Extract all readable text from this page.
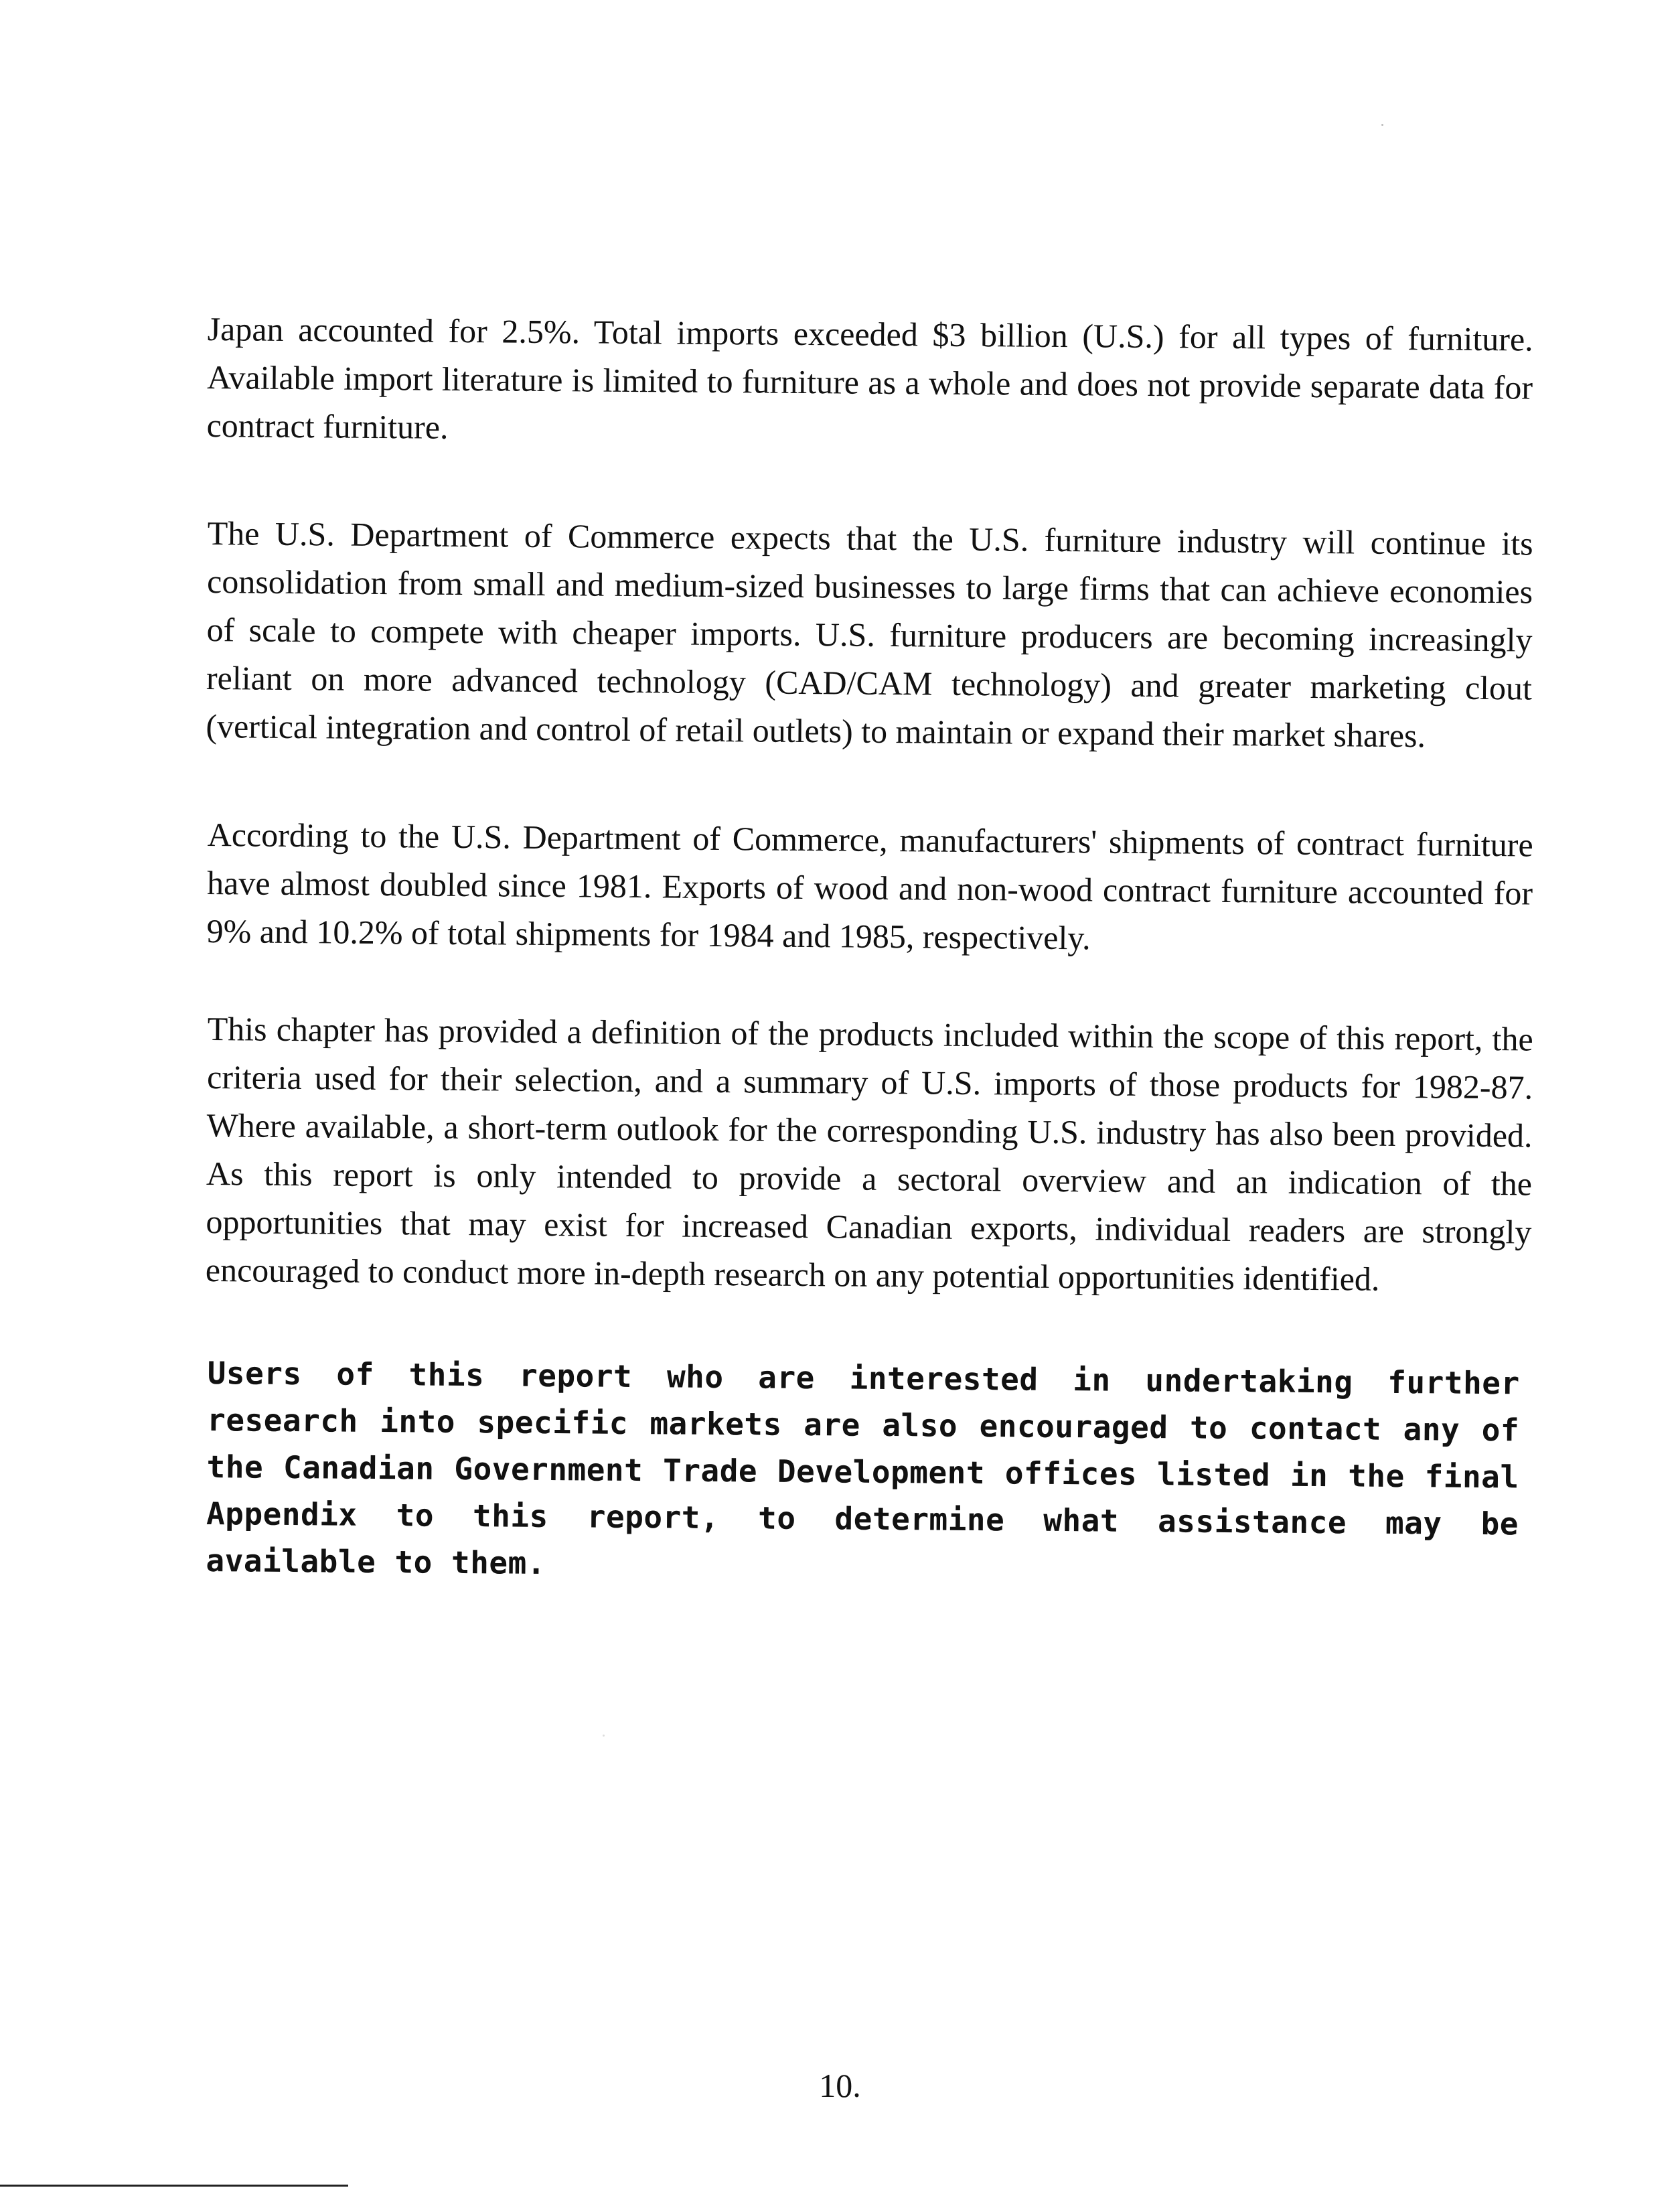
Japan accounted for 2.5%. Total imports exceeded $3 billion (U.S.) for all types of furniture. Available import literature is limited to furniture as a whole and does not provide separate data for contract furniture.

The U.S. Department of Commerce expects that the U.S. furniture industry will continue its consolidation from small and medium-sized businesses to large firms that can achieve economies of scale to compete with cheaper imports. U.S. furniture producers are becoming increasingly reliant on more advanced technology (CAD/CAM technology) and greater marketing clout (vertical integration and control of retail outlets) to maintain or expand their market shares.

According to the U.S. Department of Commerce, manufacturers' shipments of contract furniture have almost doubled since 1981. Exports of wood and non-wood contract furniture accounted for 9% and 10.2% of total shipments for 1984 and 1985, respectively.

This chapter has provided a definition of the products included within the scope of this report, the criteria used for their selection, and a summary of U.S. imports of those products for 1982-87. Where available, a short-term outlook for the corresponding U.S. industry has also been provided. As this report is only intended to provide a sectoral overview and an indication of the opportunities that may exist for increased Canadian exports, individual readers are strongly encouraged to conduct more in-depth research on any potential opportunities identified.

Users of this report who are interested in undertaking further research into specific markets are also encouraged to contact any of the Canadian Government Trade Development offices listed in the final Appendix to this report, to determine what assistance may be available to them.

10.
